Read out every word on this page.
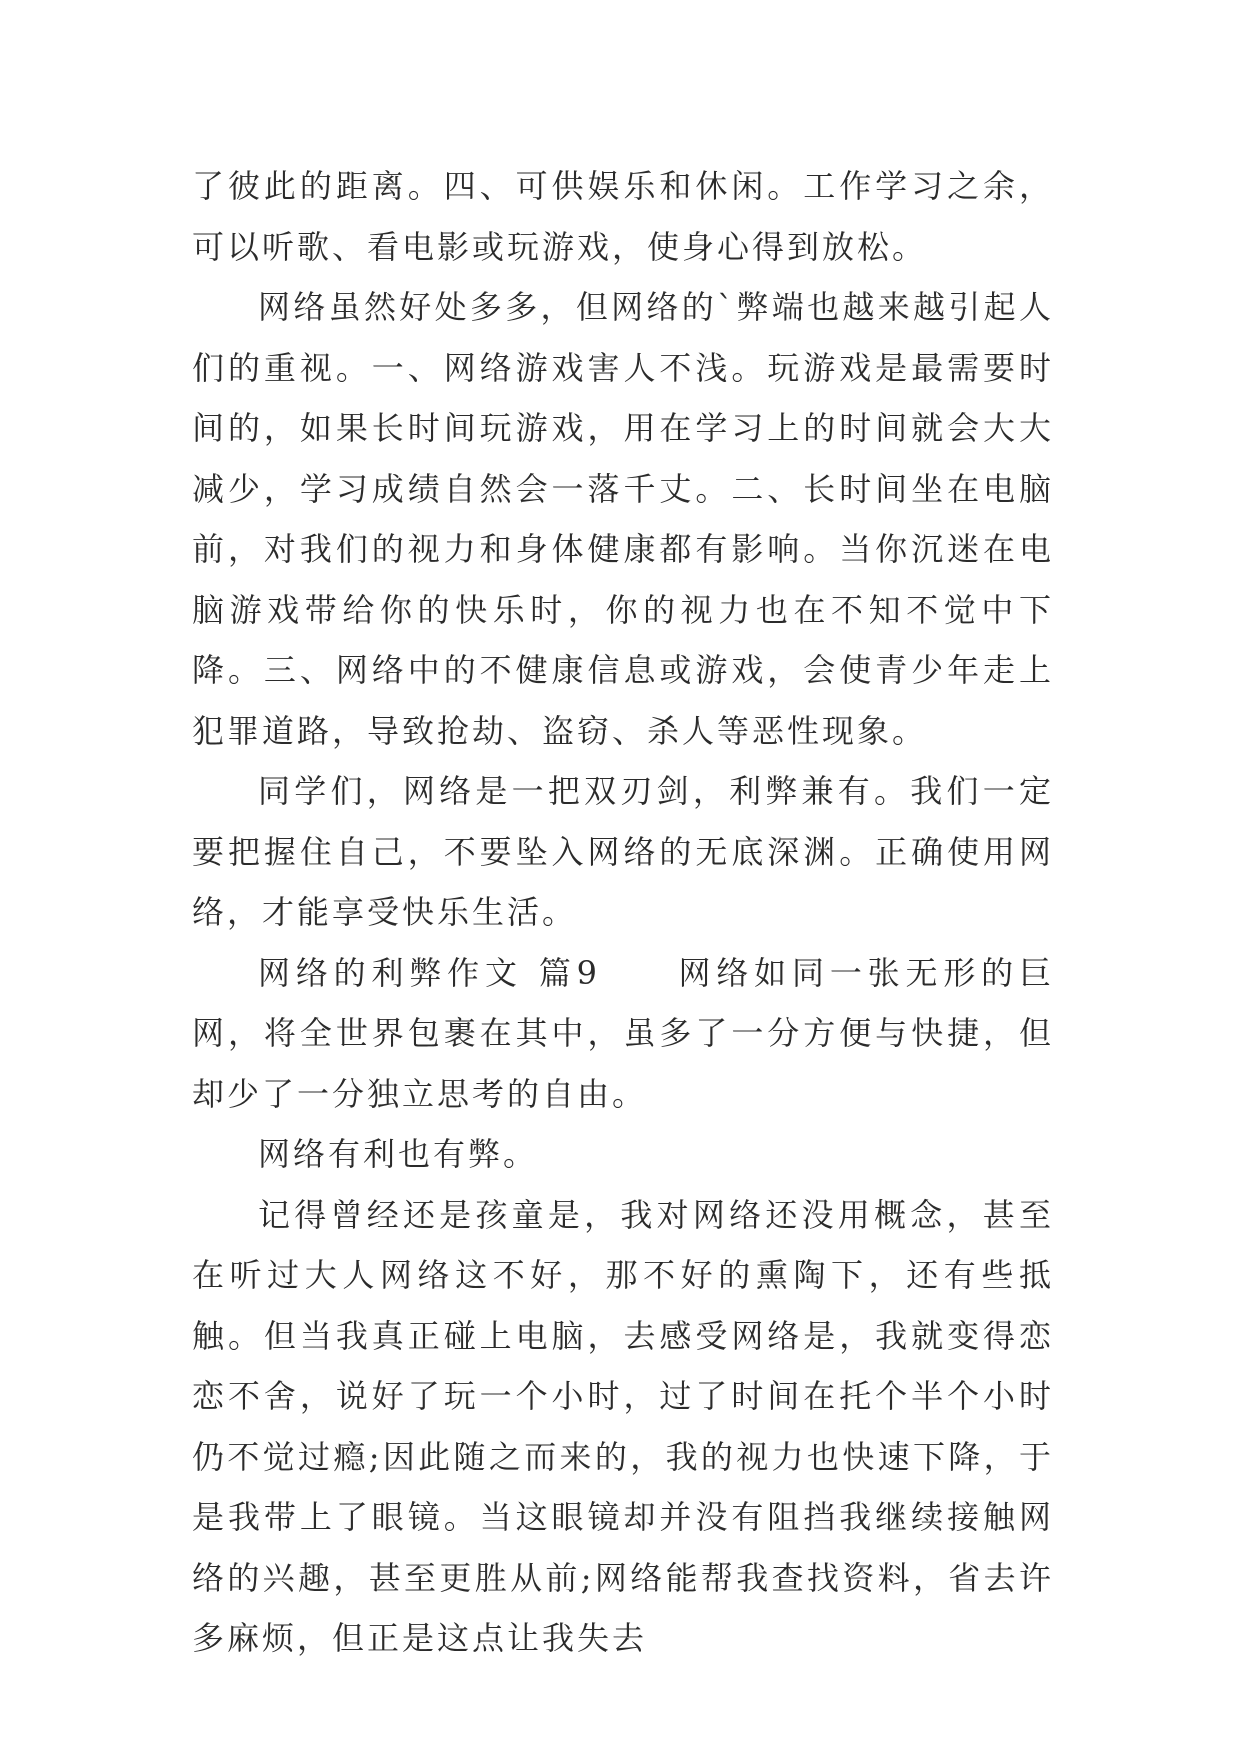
了彼此的距离。四、可供娱乐和休闲。工作学习之余，可以听歌、看电影或玩游戏，使身心得到放松。

网络虽然好处多多，但网络的`弊端也越来越引起人们的重视。一、网络游戏害人不浅。玩游戏是最需要时间的，如果长时间玩游戏，用在学习上的时间就会大大减少，学习成绩自然会一落千丈。二、长时间坐在电脑前，对我们的视力和身体健康都有影响。当你沉迷在电脑游戏带给你的快乐时，你的视力也在不知不觉中下降。三、网络中的不健康信息或游戏，会使青少年走上犯罪道路，导致抢劫、盗窃、杀人等恶性现象。

同学们，网络是一把双刃剑，利弊兼有。我们一定要把握住自己，不要坠入网络的无底深渊。正确使用网络，才能享受快乐生活。

网络的利弊作文 篇9　　网络如同一张无形的巨网，将全世界包裹在其中，虽多了一分方便与快捷，但却少了一分独立思考的自由。

网络有利也有弊。

记得曾经还是孩童是，我对网络还没用概念，甚至在听过大人网络这不好，那不好的熏陶下，还有些抵触。但当我真正碰上电脑，去感受网络是，我就变得恋恋不舍，说好了玩一个小时，过了时间在托个半个小时仍不觉过瘾;因此随之而来的，我的视力也快速下降，于是我带上了眼镜。当这眼镜却并没有阻挡我继续接触网络的兴趣，甚至更胜从前;网络能帮我查找资料，省去许多麻烦，但正是这点让我失去
